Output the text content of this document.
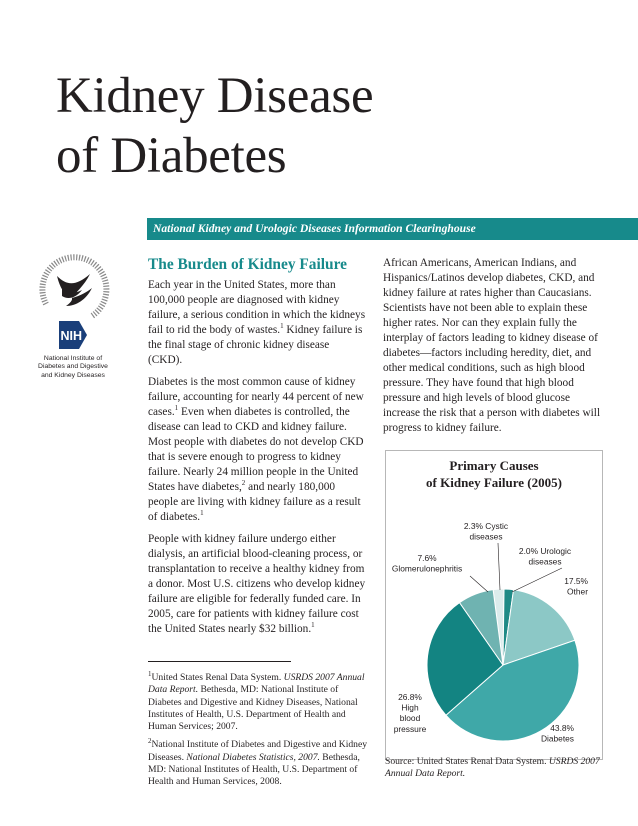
Kidney Disease
of Diabetes
National Kidney and Urologic Diseases Information Clearinghouse
NIH
National Institute of
Diabetes and Digestive
and Kidney Diseases
The Burden of Kidney Failure
Each year in the United States, more than 100,000 people are diagnosed with kidney failure, a serious condition in which the kidneys fail to rid the body of wastes.$^1$ Kidney failure is the final stage of chronic kidney disease (CKD).
Diabetes is the most common cause of kidney failure, accounting for nearly 44 percent of new cases.$^1$ Even when diabetes is controlled, the disease can lead to CKD and kidney failure. Most people with diabetes do not develop CKD that is severe enough to progress to kidney failure. Nearly 24 million people in the United States have diabetes,$^2$ and nearly 180,000 people are living with kidney failure as a result of diabetes.$^1$
People with kidney failure undergo either dialysis, an artificial blood-cleaning process, or transplantation to receive a healthy kidney from a donor. Most U.S. citizens who develop kidney failure are eligible for federally funded care. In 2005, care for patients with kidney failure cost the United States nearly $32 billion.$^1$
$^1$United States Renal Data System. USRDS 2007 Annual Data Report. Bethesda, MD: National Institute of Diabetes and Digestive and Kidney Diseases, National Institutes of Health, U.S. Department of Health and Human Services; 2007.
$^2$National Institute of Diabetes and Digestive and Kidney Diseases. National Diabetes Statistics, 2007. Bethesda, MD: National Institutes of Health, U.S. Department of Health and Human Services, 2008.
African Americans, American Indians, and Hispanics/Latinos develop diabetes, CKD, and kidney failure at rates higher than Caucasians. Scientists have not been able to explain these higher rates. Nor can they explain fully the interplay of factors leading to kidney disease of diabetes—factors including heredity, diet, and other medical conditions, such as high blood pressure. They have found that high blood pressure and high levels of blood glucose increase the risk that a person with diabetes will progress to kidney failure.
Primary Causes
of Kidney Failure (2005)
2.3% Cystic diseases
2.0% Urologic diseases
17.5% Other
43.8% Diabetes
26.8% High blood pressure
7.6% Glomerulonephritis
Source: United States Renal Data System. USRDS 2007 Annual Data Report.
